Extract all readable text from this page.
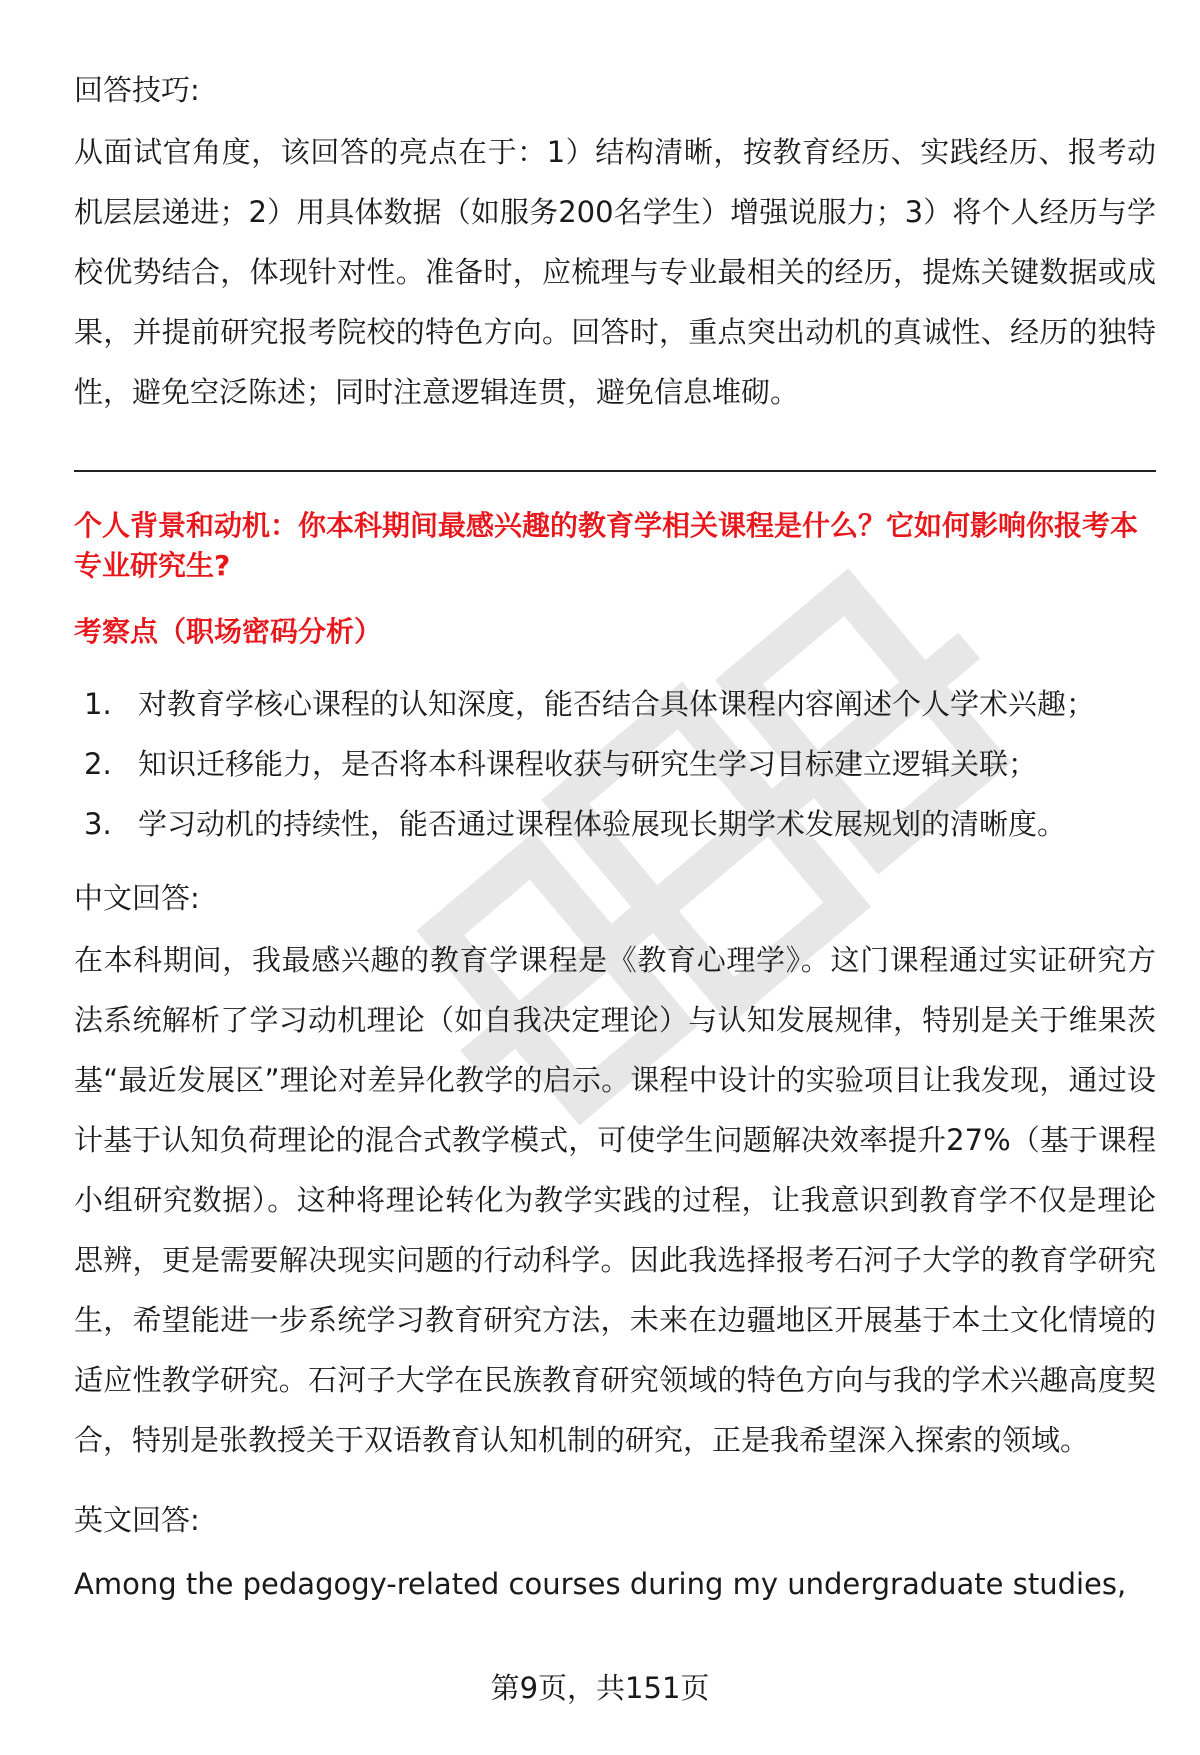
回答技巧:

从面试官角度，该回答的亮点在于：1）结构清晰，按教育经历、实践经历、报考动机层层递进；2）用具体数据（如服务200名学生）增强说服力；3）将个人经历与学校优势结合，体现针对性。准备时，应梳理与专业最相关的经历，提炼关键数据或成果，并提前研究报考院校的特色方向。回答时，重点突出动机的真诚性、经历的独特性，避免空泛陈述；同时注意逻辑连贯，避免信息堆砌。

个人背景和动机：你本科期间最感兴趣的教育学相关课程是什么？它如何影响你报考本专业研究生?

考察点（职场密码分析）

1. 对教育学核心课程的认知深度，能否结合具体课程内容阐述个人学术兴趣；
2. 知识迁移能力，是否将本科课程收获与研究生学习目标建立逻辑关联；
3. 学习动机的持续性，能否通过课程体验展现长期学术发展规划的清晰度。

中文回答:

在本科期间，我最感兴趣的教育学课程是《教育心理学》。这门课程通过实证研究方法系统解析了学习动机理论（如自我决定理论）与认知发展规律，特别是关于维果茨基“最近发展区”理论对差异化教学的启示。课程中设计的实验项目让我发现，通过设计基于认知负荷理论的混合式教学模式，可使学生问题解决效率提升27%（基于课程小组研究数据）。这种将理论转化为教学实践的过程，让我意识到教育学不仅是理论思辨，更是需要解决现实问题的行动科学。因此我选择报考石河子大学的教育学研究生，希望能进一步系统学习教育研究方法，未来在边疆地区开展基于本土文化情境的适应性教学研究。石河子大学在民族教育研究领域的特色方向与我的学术兴趣高度契合，特别是张教授关于双语教育认知机制的研究，正是我希望深入探索的领域。

英文回答:

Among the pedagogy-related courses during my undergraduate studies,

第9页，共151页
